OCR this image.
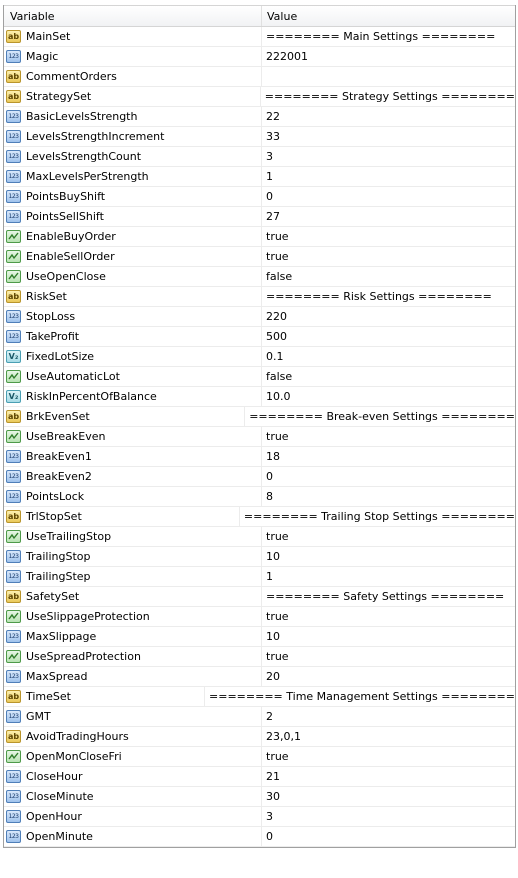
Variable	Value
ab MainSet	======== Main Settings ========
123 Magic	222001
ab CommentOrders
ab StrategySet	======== Strategy Settings ========
123 BasicLevelsStrength	22
123 LevelsStrengthIncrement	33
123 LevelsStrengthCount	3
123 MaxLevelsPerStrength	1
123 PointsBuyShift	0
123 PointsSellShift	27
EnableBuyOrder	true
EnableSellOrder	true
UseOpenClose	false
ab RiskSet	======== Risk Settings ========
123 StopLoss	220
123 TakeProfit	500
V₂ FixedLotSize	0.1
UseAutomaticLot	false
V₂ RiskInPercentOfBalance	10.0
ab BrkEvenSet	======== Break-even Settings ========
UseBreakEven	true
123 BreakEven1	18
123 BreakEven2	0
123 PointsLock	8
ab TrlStopSet	======== Trailing Stop Settings ========
UseTrailingStop	true
123 TrailingStop	10
123 TrailingStep	1
ab SafetySet	======== Safety Settings ========
UseSlippageProtection	true
123 MaxSlippage	10
UseSpreadProtection	true
123 MaxSpread	20
ab TimeSet	======== Time Management Settings ========
123 GMT	2
ab AvoidTradingHours	23,0,1
OpenMonCloseFri	true
123 CloseHour	21
123 CloseMinute	30
123 OpenHour	3
123 OpenMinute	0
